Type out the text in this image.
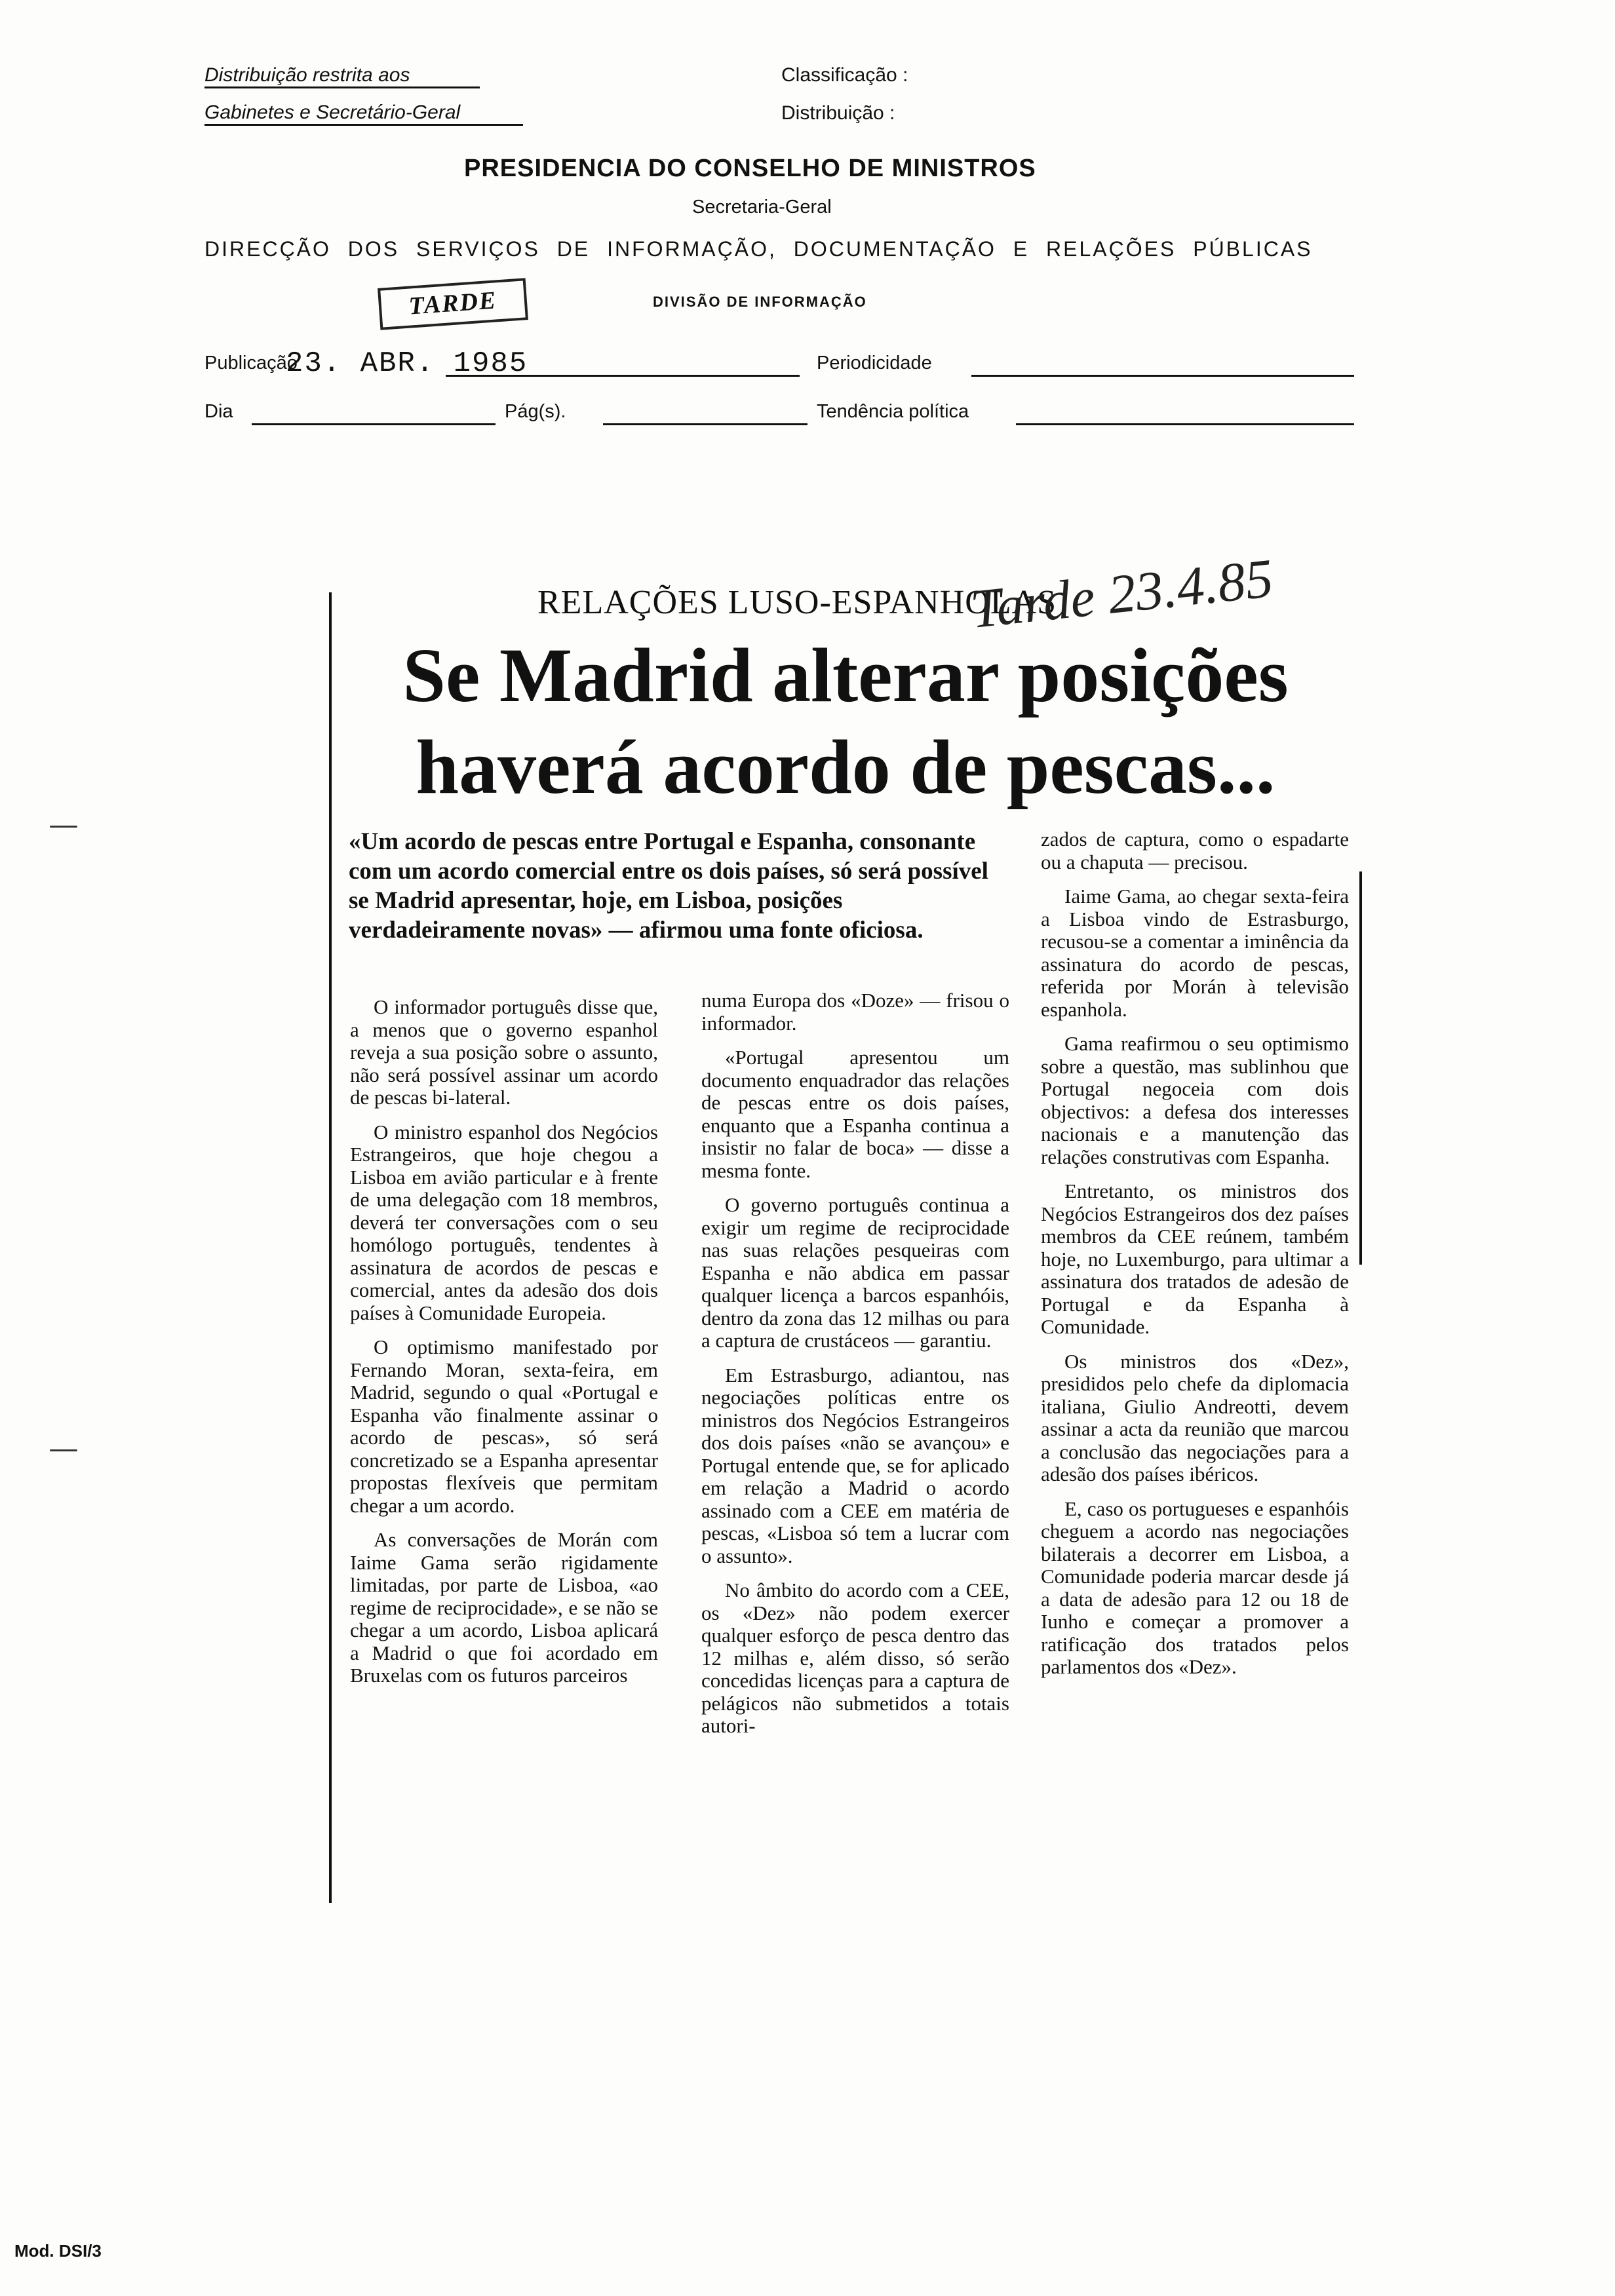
Distribuição restrita aos
Gabinetes e Secretário-Geral
Classificação :
Distribuição :
PRESIDENCIA DO CONSELHO DE MINISTROS
Secretaria-Geral
DIRECÇÃO DOS SERVIÇOS DE INFORMAÇÃO, DOCUMENTAÇÃO E RELAÇÕES PÚBLICAS
DIVISÃO DE INFORMAÇÃO
TARDE
Publicação
23. ABR. 1985	Periodicidade
Dia	Pág(s).	Tendência política
RELAÇÕES LUSO-ESPANHOLAS
Tarde 23.4.85
Se Madrid alterar posições
haverá acordo de pescas...
«Um acordo de pescas entre Portugal e Espanha, consonante com um acordo comercial entre os dois países, só será possível se Madrid apresentar, hoje, em Lisboa, posições verdadeiramente novas» — afirmou uma fonte oficiosa.

O informador português disse que, a menos que o governo espanhol reveja a sua posição sobre o assunto, não será possível assinar um acordo de pescas bi-lateral.

O ministro espanhol dos Negócios Estrangeiros, que hoje chegou a Lisboa em avião particular e à frente de uma delegação com 18 membros, deverá ter conversações com o seu homólogo português, tendentes à assinatura de acordos de pescas e comercial, antes da adesão dos dois países à Comunidade Europeia.

O optimismo manifestado por Fernando Moran, sexta-feira, em Madrid, segundo o qual «Portugal e Espanha vão finalmente assinar o acordo de pescas», só será concretizado se a Espanha apresentar propostas flexíveis que permitam chegar a um acordo.

As conversações de Morán com Iaime Gama serão rigidamente limitadas, por parte de Lisboa, «ao regime de reciprocidade», e se não se chegar a um acordo, Lisboa aplicará a Madrid o que foi acordado em Bruxelas com os futuros parceiros

numa Europa dos «Doze» — frisou o informador.

«Portugal apresentou um documento enquadrador das relações de pescas entre os dois países, enquanto que a Espanha continua a insistir no falar de boca» — disse a mesma fonte.

O governo português continua a exigir um regime de reciprocidade nas suas relações pesqueiras com Espanha e não abdica em passar qualquer licença a barcos espanhóis, dentro da zona das 12 milhas ou para a captura de crustáceos — garantiu.

Em Estrasburgo, adiantou, nas negociações políticas entre os ministros dos Negócios Estrangeiros dos dois países «não se avançou» e Portugal entende que, se for aplicado em relação a Madrid o acordo assinado com a CEE em matéria de pescas, «Lisboa só tem a lucrar com o assunto».

No âmbito do acordo com a CEE, os «Dez» não podem exercer qualquer esforço de pesca dentro das 12 milhas e, além disso, só serão concedidas licenças para a captura de pelágicos não submetidos a totais autori-

zados de captura, como o espadarte ou a chaputa — precisou.

Iaime Gama, ao chegar sexta-feira a Lisboa vindo de Estrasburgo, recusou-se a comentar a iminência da assinatura do acordo de pescas, referida por Morán à televisão espanhola.

Gama reafirmou o seu optimismo sobre a questão, mas sublinhou que Portugal negoceia com dois objectivos: a defesa dos interesses nacionais e a manutenção das relações construtivas com Espanha.

Entretanto, os ministros dos Negócios Estrangeiros dos dez países membros da CEE reúnem, também hoje, no Luxemburgo, para ultimar a assinatura dos tratados de adesão de Portugal e da Espanha à Comunidade.

Os ministros dos «Dez», presididos pelo chefe da diplomacia italiana, Giulio Andreotti, devem assinar a acta da reunião que marcou a conclusão das negociações para a adesão dos países ibéricos.

E, caso os portugueses e espanhóis cheguem a acordo nas negociações bilaterais a decorrer em Lisboa, a Comunidade poderia marcar desde já a data de adesão para 12 ou 18 de Iunho e começar a promover a ratificação dos tratados pelos parlamentos dos «Dez».

Mod. DSI/3
